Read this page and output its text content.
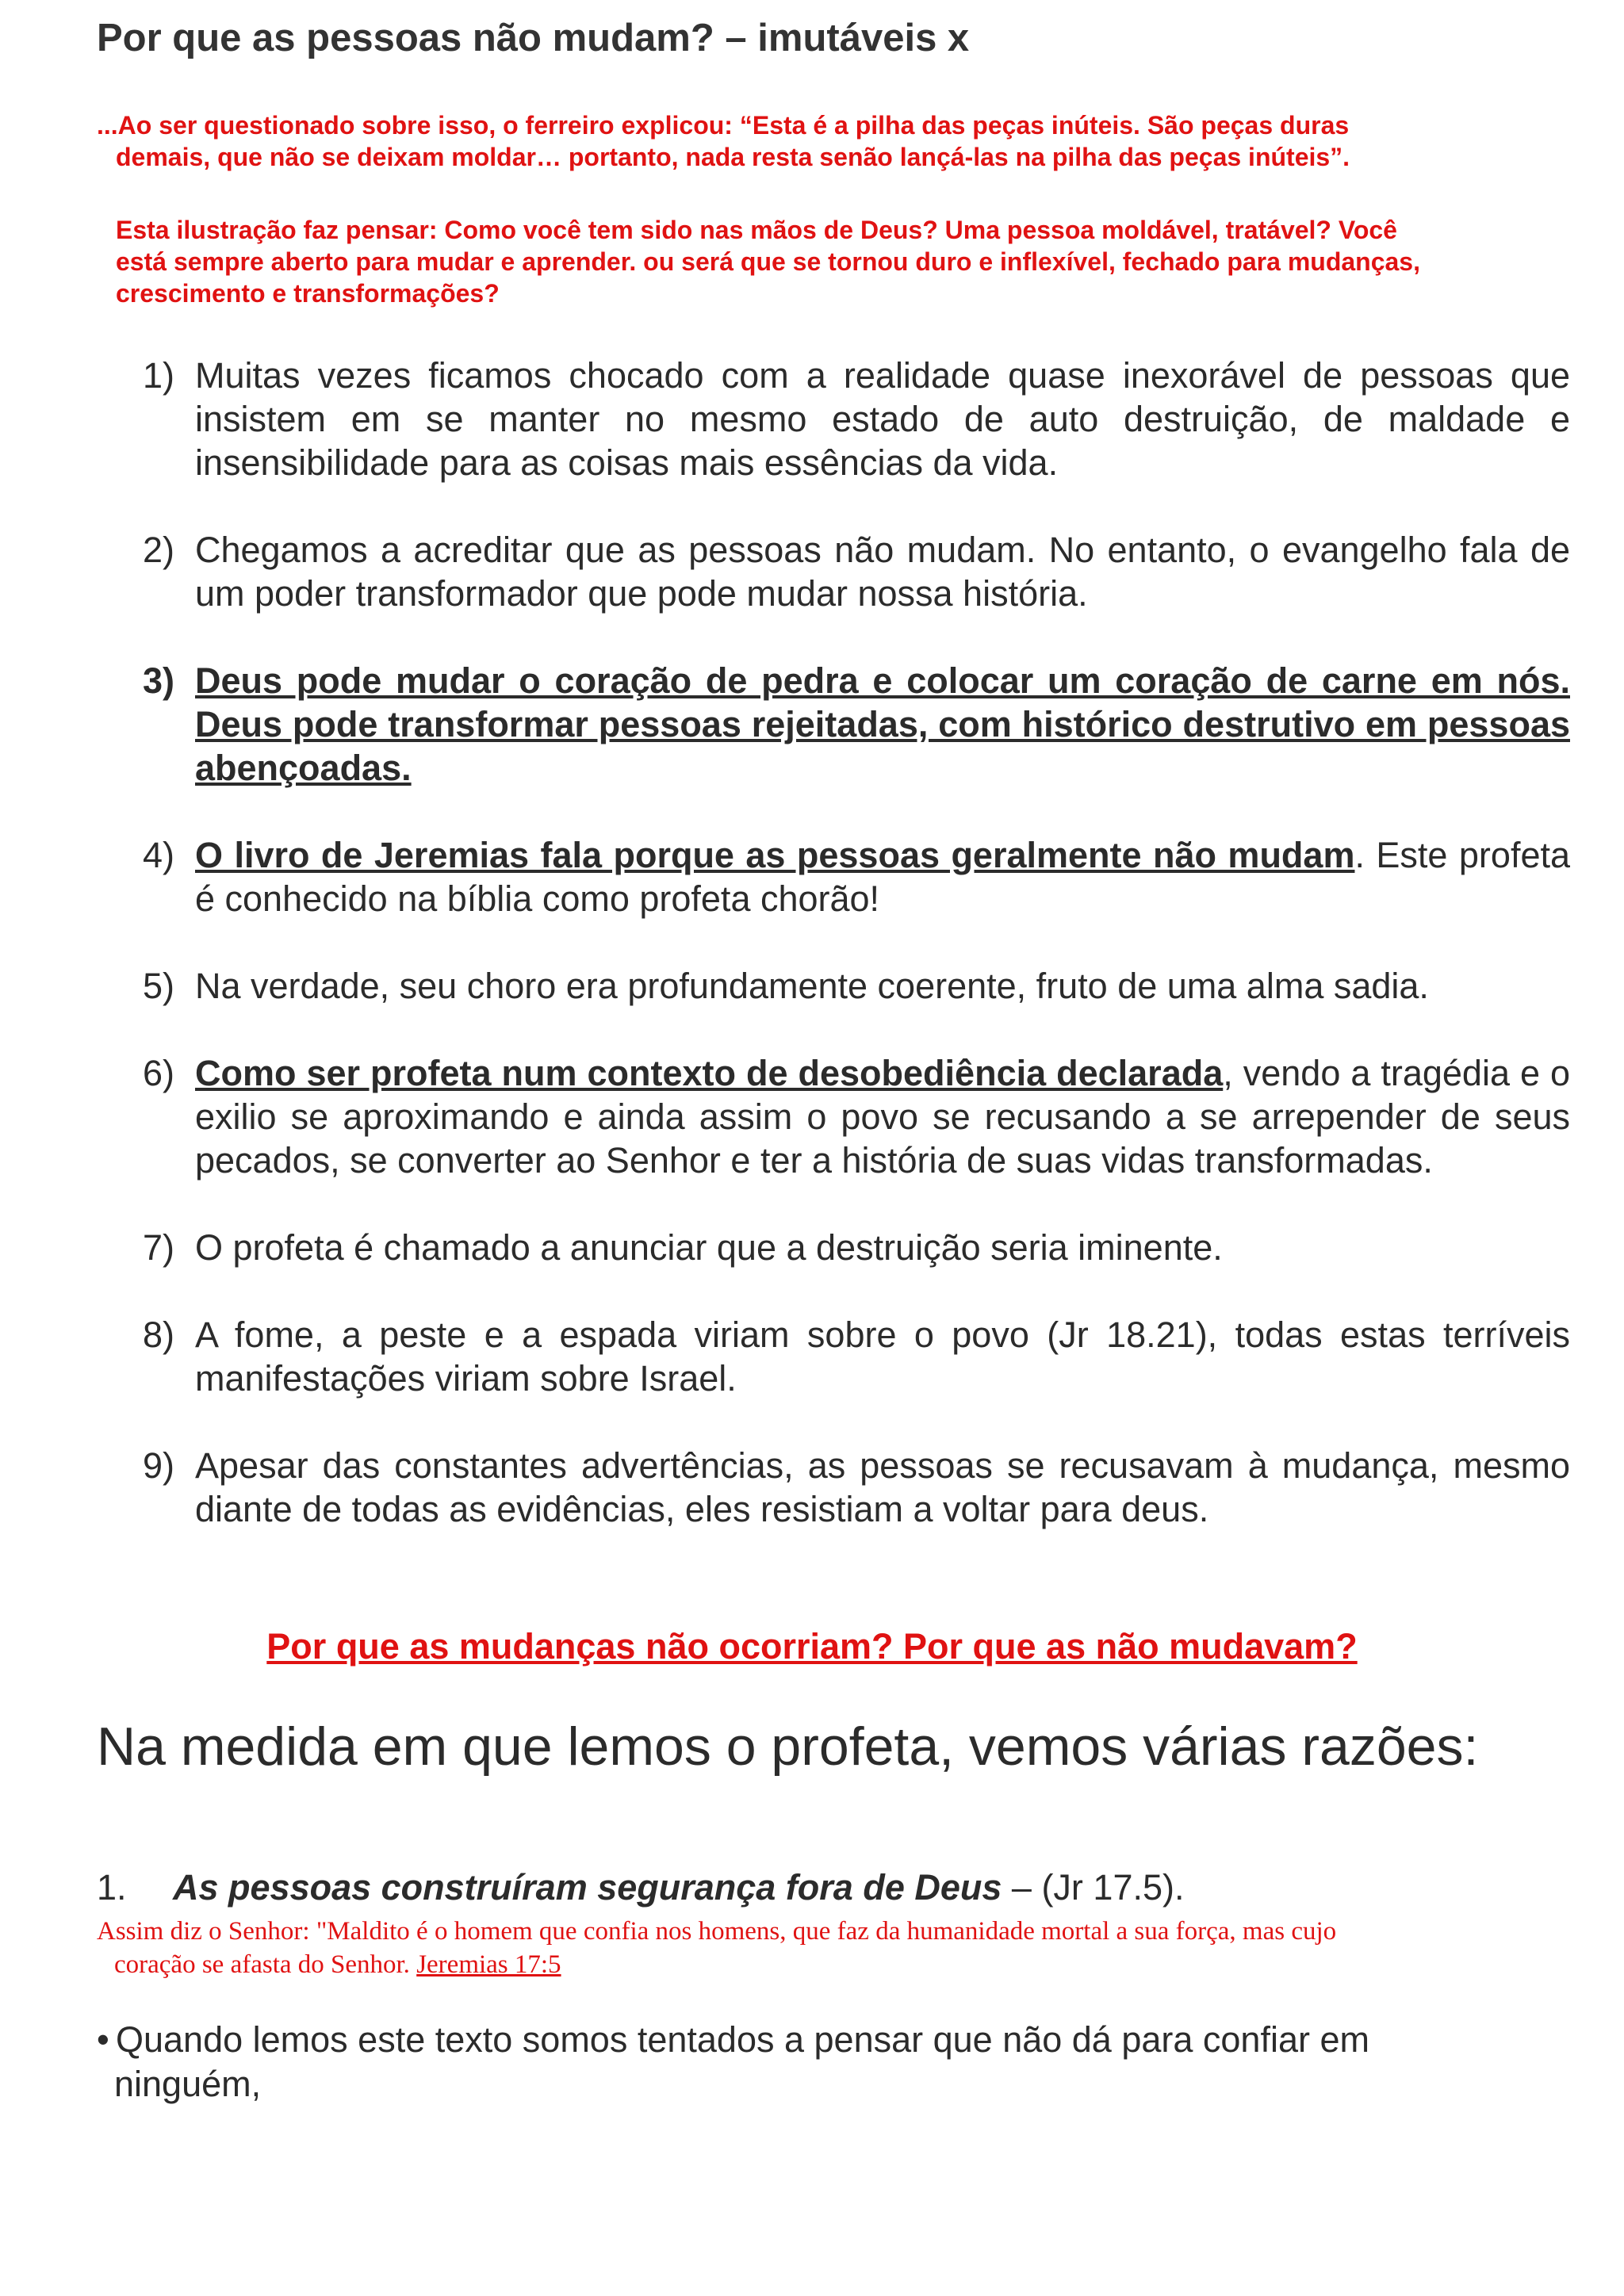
Por que as pessoas não mudam? – imutáveis x
...Ao ser questionado sobre isso, o ferreiro explicou: “Esta é a pilha das peças inúteis. São peças duras
demais, que não se deixam moldar… portanto, nada resta senão lançá-las na pilha das peças inúteis”.
Esta ilustração faz pensar: Como você tem sido nas mãos de Deus? Uma pessoa moldável, tratável? Você
está sempre aberto para mudar e aprender. ou será que se tornou duro e inflexível, fechado para mudanças,
crescimento e transformações?
1) Muitas vezes ficamos chocado com a realidade quase inexorável de pessoas que insistem em se manter no mesmo estado de auto destruição, de maldade e insensibilidade para as coisas mais essências da vida.
2) Chegamos a acreditar que as pessoas não mudam. No entanto, o evangelho fala de um poder transformador que pode mudar nossa história.
3) Deus pode mudar o coração de pedra e colocar um coração de carne em nós. Deus pode transformar pessoas rejeitadas, com histórico destrutivo em pessoas abençoadas.
4) O livro de Jeremias fala porque as pessoas geralmente não mudam. Este profeta é conhecido na bíblia como profeta chorão!
5) Na verdade, seu choro era profundamente coerente, fruto de uma alma sadia.
6) Como ser profeta num contexto de desobediência declarada, vendo a tragédia e o exilio se aproximando e ainda assim o povo se recusando a se arrepender de seus pecados, se converter ao Senhor e ter a história de suas vidas transformadas.
7) O profeta é chamado a anunciar que a destruição seria iminente.
8) A fome, a peste e a espada viriam sobre o povo (Jr 18.21), todas estas terríveis manifestações viriam sobre Israel.
9) Apesar das constantes advertências, as pessoas se recusavam à mudança, mesmo diante de todas as evidências, eles resistiam a voltar para deus.
Por que as mudanças não ocorriam? Por que as não mudavam?
Na medida em que lemos o profeta, vemos várias razões:
1. As pessoas construíram segurança fora de Deus – (Jr 17.5).
Assim diz o Senhor: "Maldito é o homem que confia nos homens, que faz da humanidade mortal a sua força, mas cujo
coração se afasta do Senhor. Jeremias 17:5
• Quando lemos este texto somos tentados a pensar que não dá para confiar em
ninguém,
